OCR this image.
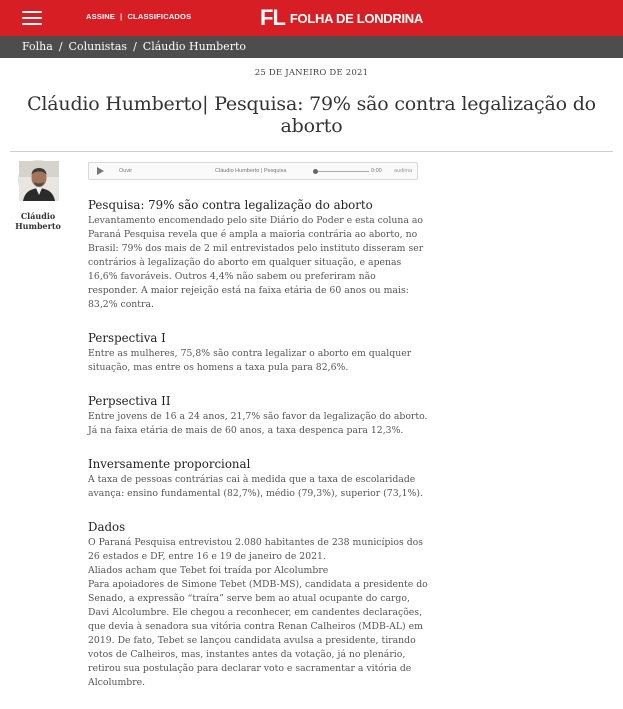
ASSINE | CLASSIFICADOS	FL FOLHA DE LONDRINA
Folha / Colunistas / Cláudio Humberto
25 DE JANEIRO DE 2021
Cláudio Humberto| Pesquisa: 79% são contra legalização do aborto
Cláudio Humberto
Ouvir	Cláudio Humberto | Pesquisa	0:00 audima
Pesquisa: 79% são contra legalização do aborto

Levantamento encomendado pelo site Diário do Poder e esta coluna ao Paraná Pesquisa revela que é ampla a maioria contrária ao aborto, no Brasil: 79% dos mais de 2 mil entrevistados pelo instituto disseram ser contrários à legalização do aborto em qualquer situação, e apenas 16,6% favoráveis. Outros 4,4% não sabem ou preferiram não responder. A maior rejeição está na faixa etária de 60 anos ou mais: 83,2% contra.

Perspectiva I

Entre as mulheres, 75,8% são contra legalizar o aborto em qualquer situação, mas entre os homens a taxa pula para 82,6%.

Perpsectiva II

Entre jovens de 16 a 24 anos, 21,7% são favor da legalização do aborto. Já na faixa etária de mais de 60 anos, a taxa despenca para 12,3%.

Inversamente proporcional

A taxa de pessoas contrárias cai à medida que a taxa de escolaridade avança: ensino fundamental (82,7%), médio (79,3%), superior (73,1%).

Dados

O Paraná Pesquisa entrevistou 2.080 habitantes de 238 municípios dos 26 estados e DF, entre 16 e 19 de janeiro de 2021.

Aliados acham que Tebet foi traída por Alcolumbre

Para apoiadores de Simone Tebet (MDB-MS), candidata a presidente do Senado, a expressão “traíra” serve bem ao atual ocupante do cargo, Davi Alcolumbre. Ele chegou a reconhecer, em candentes declarações, que devia à senadora sua vitória contra Renan Calheiros (MDB-AL) em 2019. De fato, Tebet se lançou candidata avulsa a presidente, tirando votos de Calheiros, mas, instantes antes da votação, já no plenário, retirou sua postulação para declarar voto e sacramentar a vitória de Alcolumbre.
